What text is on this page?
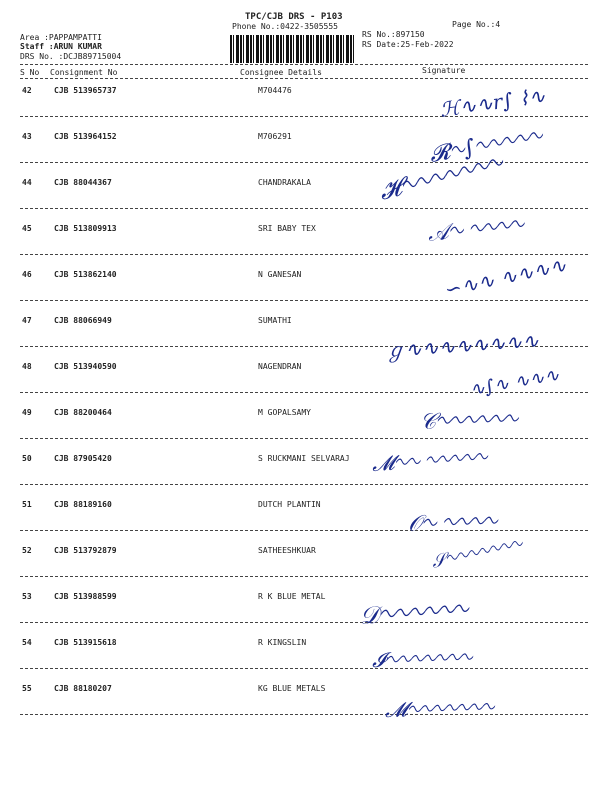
TPC/CJB DRS - P103
Phone No.:0422-3505555	Page No.:4
Area :PAPPAMPATTI
Staff :ARUN KUMAR
DRS No. :DCJB89715004
RS No.:897150
RS Date:25-Feb-2022
S No Consignment No	Consignee Details	Signature
42	CJB 513965737	M704476
43	CJB 513964152	M706291
44	CJB 88044367	CHANDRAKALA
45	CJB 513809913	SRI BABY TEX
46	CJB 513862140	N GANESAN
47	CJB 88066949	SUMATHI
48	CJB 513940590	NAGENDRAN
49	CJB 88200464	M GOPALSAMY
50	CJB 87905420	S RUCKMANI SELVARAJ
51	CJB 88189160	DUTCH PLANTIN
52	CJB 513792879	SATHEESHKUAR
53	CJB 513988599	R K BLUE METAL
54	CJB 513915618	R KINGSLIN
55	CJB 88180207	KG BLUE METALS
ℋ∿∿r∫ ⌇∿
𝓡∿∫∿∿∿∿∿
𝓗∿∿∿∿∿∿∿
𝒜∿ ∿∿∿∿
∽∿∿ ∿∿∿∿
ℊ∿∿∿∿∿∿∿∿
∿∫∿ ∿∿∿
𝒞∿∿∿∿∿∿
𝓜∿∿ ∿∿∿∿∿
𝒪∿ ∿∿∿∿
𝒮∿∿∿∿∿∿∿
𝒟∿∿∿∿∿∿
𝓘∿∿∿∿∿∿∿
𝓜∿∿∿∿∿∿∿
